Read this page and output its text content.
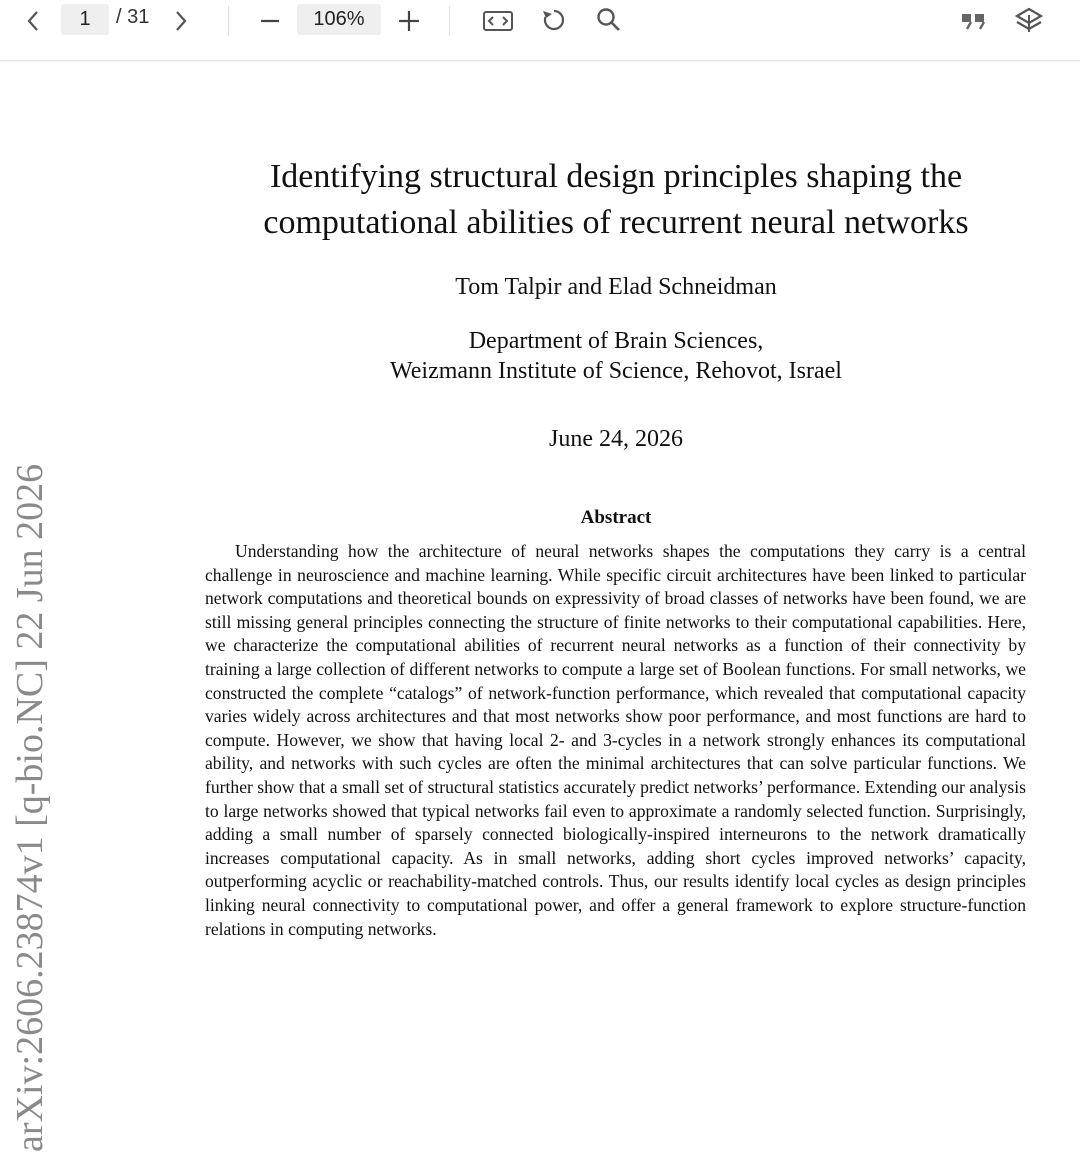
1	/ 31	106%
Identifying structural design principles shaping the
computational abilities of recurrent neural networks
Tom Talpir and Elad Schneidman
Department of Brain Sciences,
Weizmann Institute of Science, Rehovot, Israel
June 24, 2026
Abstract

Understanding how the architecture of neural networks shapes the computations they carry is a central challenge in neuroscience and machine learning. While specific circuit architectures have been linked to particular network computations and theoretical bounds on expressivity of broad classes of networks have been found, we are still missing general principles connecting the structure of finite networks to their computational capabilities. Here, we characterize the computational abilities of recurrent neural networks as a function of their connectivity by training a large collection of different networks to compute a large set of Boolean functions. For small networks, we constructed the complete “catalogs” of network-function performance, which revealed that computational capacity varies widely across architectures and that most networks show poor performance, and most functions are hard to compute. However, we show that having local 2- and 3-cycles in a network strongly enhances its computational ability, and networks with such cycles are often the minimal architectures that can solve particular functions. We further show that a small set of structural statistics accurately predict networks’ performance. Extending our analysis to large networks showed that typical networks fail even to approximate a randomly selected function. Surprisingly, adding a small number of sparsely connected biologically-inspired interneurons to the network dramatically increases computational capacity. As in small networks, adding short cycles improved networks’ capacity, outperforming acyclic or reachability-matched controls. Thus, our results identify local cycles as design principles linking neural connectivity to computational power, and offer a general framework to explore structure-function relations in computing networks.

arXiv:2606.23874v1 [q-bio.NC] 22 Jun 2026
